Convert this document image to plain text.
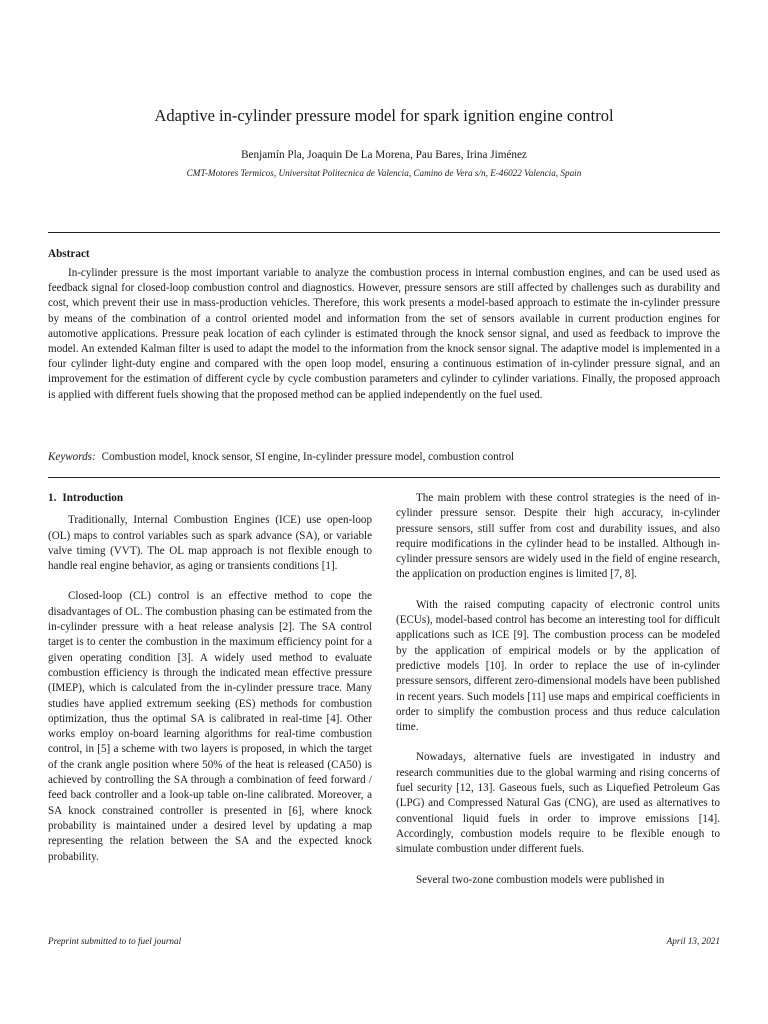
Adaptive in-cylinder pressure model for spark ignition engine control
Benjamín Pla, Joaquin De La Morena, Pau Bares, Irina Jiménez
CMT-Motores Termicos, Universitat Politecnica de Valencia, Camino de Vera s/n, E-46022 Valencia, Spain
Abstract
In-cylinder pressure is the most important variable to analyze the combustion process in internal combustion engines, and can be used used as feedback signal for closed-loop combustion control and diagnostics. However, pressure sensors are still affected by challenges such as durability and cost, which prevent their use in mass-production vehicles. Therefore, this work presents a model-based approach to estimate the in-cylinder pressure by means of the combination of a control oriented model and information from the set of sensors available in current production engines for automotive applications. Pressure peak location of each cylinder is estimated through the knock sensor signal, and used as feedback to improve the model. An extended Kalman filter is used to adapt the model to the information from the knock sensor signal. The adaptive model is implemented in a four cylinder light-duty engine and compared with the open loop model, ensuring a continuous estimation of in-cylinder pressure signal, and an improvement for the estimation of different cycle by cycle combustion parameters and cylinder to cylinder variations. Finally, the proposed approach is applied with different fuels showing that the proposed method can be applied independently on the fuel used.
Keywords: Combustion model, knock sensor, SI engine, In-cylinder pressure model, combustion control
1. Introduction

Traditionally, Internal Combustion Engines (ICE) use open-loop (OL) maps to control variables such as spark advance (SA), or variable valve timing (VVT). The OL map approach is not flexible enough to handle real engine behavior, as aging or transients conditions [1].

Closed-loop (CL) control is an effective method to cope the disadvantages of OL. The combustion phasing can be estimated from the in-cylinder pressure with a heat release analysis [2]. The SA control target is to center the combustion in the maximum efficiency point for a given operating condition [3]. A widely used method to evaluate combustion efficiency is through the indicated mean effective pressure (IMEP), which is calculated from the in-cylinder pressure trace. Many studies have applied extremum seeking (ES) methods for combustion optimization, thus the optimal SA is calibrated in real-time [4]. Other works employ on-board learning algorithms for real-time combustion control, in [5] a scheme with two layers is proposed, in which the target of the crank angle position where 50% of the heat is released (CA50) is achieved by controlling the SA through a combination of feed forward / feed back controller and a look-up table on-line calibrated. Moreover, a SA knock constrained controller is presented in [6], where knock probability is maintained under a desired level by updating a map representing the relation between the SA and the expected knock probability.

The main problem with these control strategies is the need of in-cylinder pressure sensor. Despite their high accuracy, in-cylinder pressure sensors, still suffer from cost and durability issues, and also require modifications in the cylinder head to be installed. Although in-cylinder pressure sensors are widely used in the field of engine research, the application on production engines is limited [7, 8].

With the raised computing capacity of electronic control units (ECUs), model-based control has become an interesting tool for difficult applications such as ICE [9]. The combustion process can be modeled by the application of empirical models or by the application of predictive models [10]. In order to replace the use of in-cylinder pressure sensors, different zero-dimensional models have been published in recent years. Such models [11] use maps and empirical coefficients in order to simplify the combustion process and thus reduce calculation time.

Nowadays, alternative fuels are investigated in industry and research communities due to the global warming and rising concerns of fuel security [12, 13]. Gaseous fuels, such as Liquefied Petroleum Gas (LPG) and Compressed Natural Gas (CNG), are used as alternatives to conventional liquid fuels in order to improve emissions [14]. Accordingly, combustion models require to be flexible enough to simulate combustion under different fuels.

Several two-zone combustion models were published in

Preprint submitted to to fuel journal	April 13, 2021
